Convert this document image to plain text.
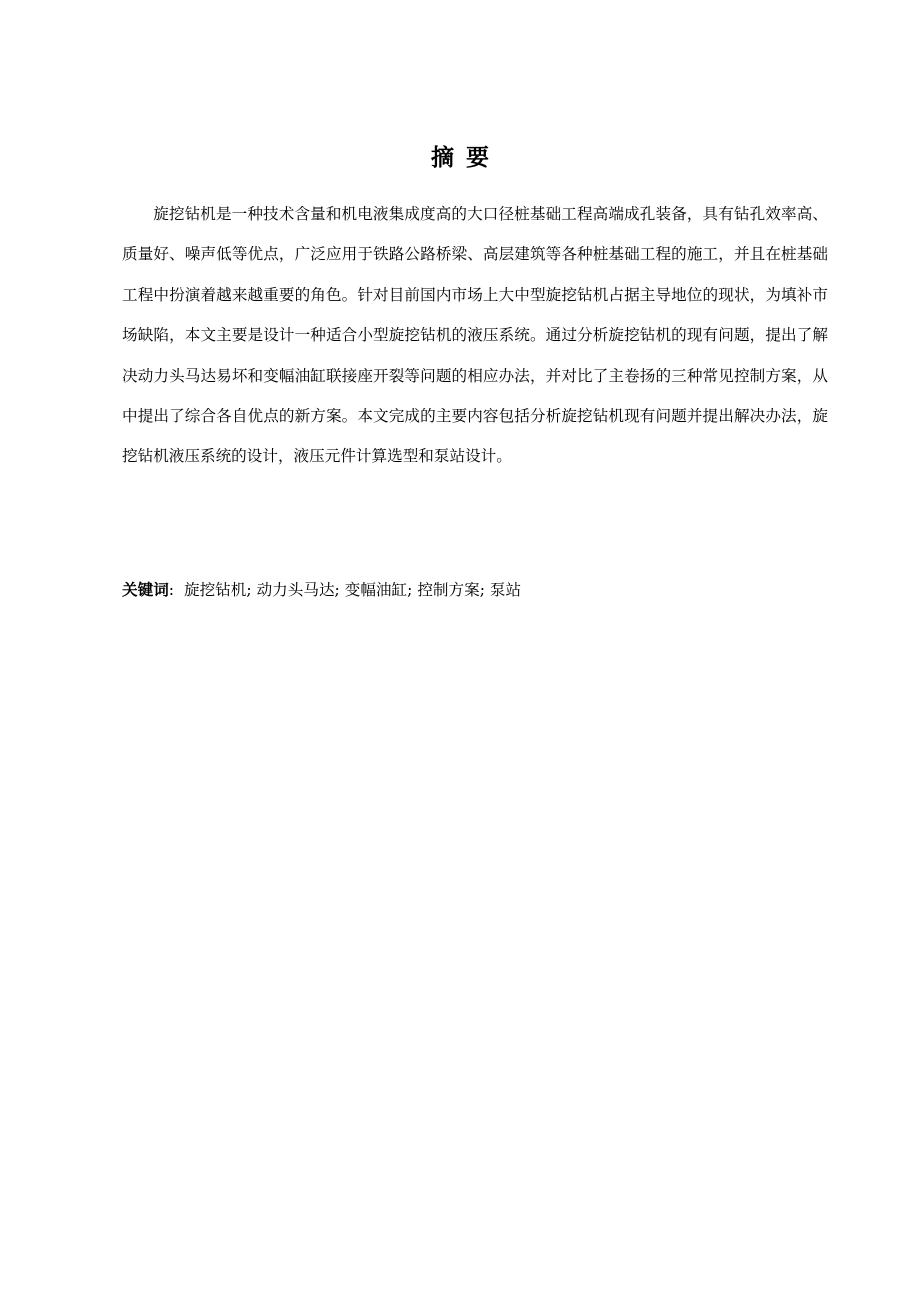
摘要

旋挖钻机是一种技术含量和机电液集成度高的大口径桩基础工程高端成孔装备，具有钻孔效率高、质量好、噪声低等优点，广泛应用于铁路公路桥梁、高层建筑等各种桩基础工程的施工，并且在桩基础工程中扮演着越来越重要的角色。针对目前国内市场上大中型旋挖钻机占据主导地位的现状，为填补市场缺陷，本文主要是设计一种适合小型旋挖钻机的液压系统。通过分析旋挖钻机的现有问题，提出了解决动力头马达易坏和变幅油缸联接座开裂等问题的相应办法，并对比了主卷扬的三种常见控制方案，从中提出了综合各自优点的新方案。本文完成的主要内容包括分析旋挖钻机现有问题并提出解决办法，旋挖钻机液压系统的设计，液压元件计算选型和泵站设计。

关键词: 旋挖钻机; 动力头马达; 变幅油缸; 控制方案; 泵站
